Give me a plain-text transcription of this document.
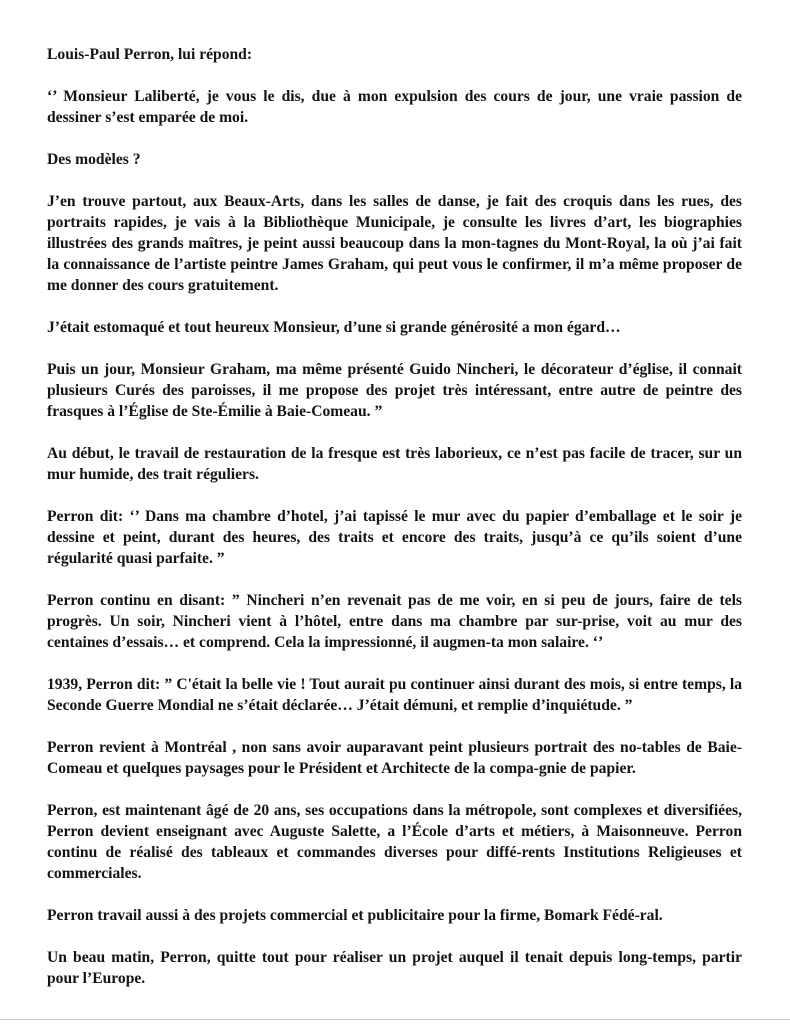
Louis-Paul Perron, lui répond:

‘’ Monsieur Laliberté, je vous le dis, due à mon expulsion des cours de jour, une vraie passion de dessiner s’est emparée de moi.

Des modèles ?

J’en trouve partout, aux Beaux-Arts, dans les salles de danse, je fait des croquis dans les rues, des portraits rapides, je vais à la Bibliothèque Municipale, je consulte les livres d’art, les biographies illustrées des grands maîtres, je peint aussi beaucoup dans la mon-tagnes du Mont-Royal, la où j’ai fait la connaissance de l’artiste peintre James Graham, qui peut vous le confirmer, il m’a même proposer de me donner des cours gratuitement.

J’était estomaqué et tout heureux Monsieur, d’une si grande générosité a mon égard…

Puis un jour, Monsieur Graham, ma même présenté Guido Nincheri, le décorateur d’église, il connait plusieurs Curés des paroisses, il me propose des projet très intéressant, entre autre de peintre des frasques à l’Église de Ste-Émilie à Baie-Comeau. ”

Au début, le travail de restauration de la fresque est très laborieux, ce n’est pas facile de tracer, sur un mur humide, des trait réguliers.

Perron dit: ‘’ Dans ma chambre d’hotel, j’ai tapissé le mur avec du papier d’emballage et le soir je dessine et peint, durant des heures, des traits et encore des traits, jusqu’à ce qu’ils soient d’une régularité quasi parfaite. ”

Perron continu en disant: ” Nincheri n’en revenait pas de me voir, en si peu de jours, faire de tels progrès. Un soir, Nincheri vient à l’hôtel, entre dans ma chambre par sur-prise, voit au mur des centaines d’essais… et comprend. Cela la impressionné, il augmen-ta mon salaire. ‘’

1939, Perron dit: ” C'était la belle vie ! Tout aurait pu continuer ainsi durant des mois, si entre temps, la Seconde Guerre Mondial ne s’était déclarée… J’était démuni, et remplie d’inquiétude. ”

Perron revient à Montréal , non sans avoir auparavant peint plusieurs portrait des no-tables de Baie-Comeau et quelques paysages pour le Président et Architecte de la compa-gnie de papier.

Perron, est maintenant âgé de 20 ans, ses occupations dans la métropole, sont complexes et diversifiées, Perron devient enseignant avec Auguste Salette, a l’École d’arts et métiers, à Maisonneuve. Perron continu de réalisé des tableaux et commandes diverses pour diffé-rents Institutions Religieuses et commerciales.

Perron travail aussi à des projets commercial et publicitaire pour la firme, Bomark Fédé-ral.

Un beau matin, Perron, quitte tout pour réaliser un projet auquel il tenait depuis long-temps, partir pour l’Europe.
